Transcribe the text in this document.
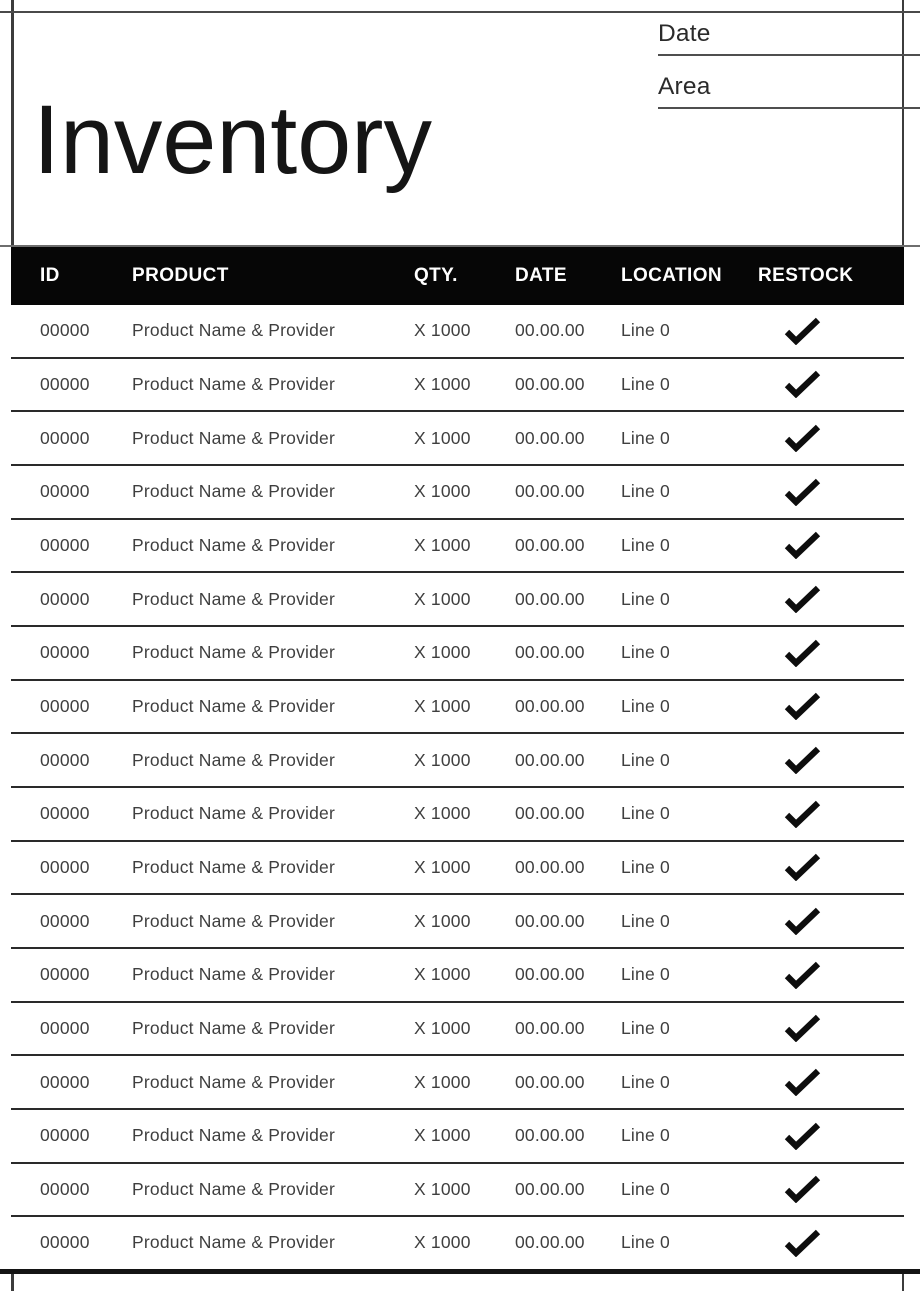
Date
Area
Inventory
ID	PRODUCT	QTY.	DATE	LOCATION	RESTOCK
00000	Product Name & Provider	X 1000	00.00.00	Line 0
00000	Product Name & Provider	X 1000	00.00.00	Line 0
00000	Product Name & Provider	X 1000	00.00.00	Line 0
00000	Product Name & Provider	X 1000	00.00.00	Line 0
00000	Product Name & Provider	X 1000	00.00.00	Line 0
00000	Product Name & Provider	X 1000	00.00.00	Line 0
00000	Product Name & Provider	X 1000	00.00.00	Line 0
00000	Product Name & Provider	X 1000	00.00.00	Line 0
00000	Product Name & Provider	X 1000	00.00.00	Line 0
00000	Product Name & Provider	X 1000	00.00.00	Line 0
00000	Product Name & Provider	X 1000	00.00.00	Line 0
00000	Product Name & Provider	X 1000	00.00.00	Line 0
00000	Product Name & Provider	X 1000	00.00.00	Line 0
00000	Product Name & Provider	X 1000	00.00.00	Line 0
00000	Product Name & Provider	X 1000	00.00.00	Line 0
00000	Product Name & Provider	X 1000	00.00.00	Line 0
00000	Product Name & Provider	X 1000	00.00.00	Line 0
00000	Product Name & Provider	X 1000	00.00.00	Line 0
